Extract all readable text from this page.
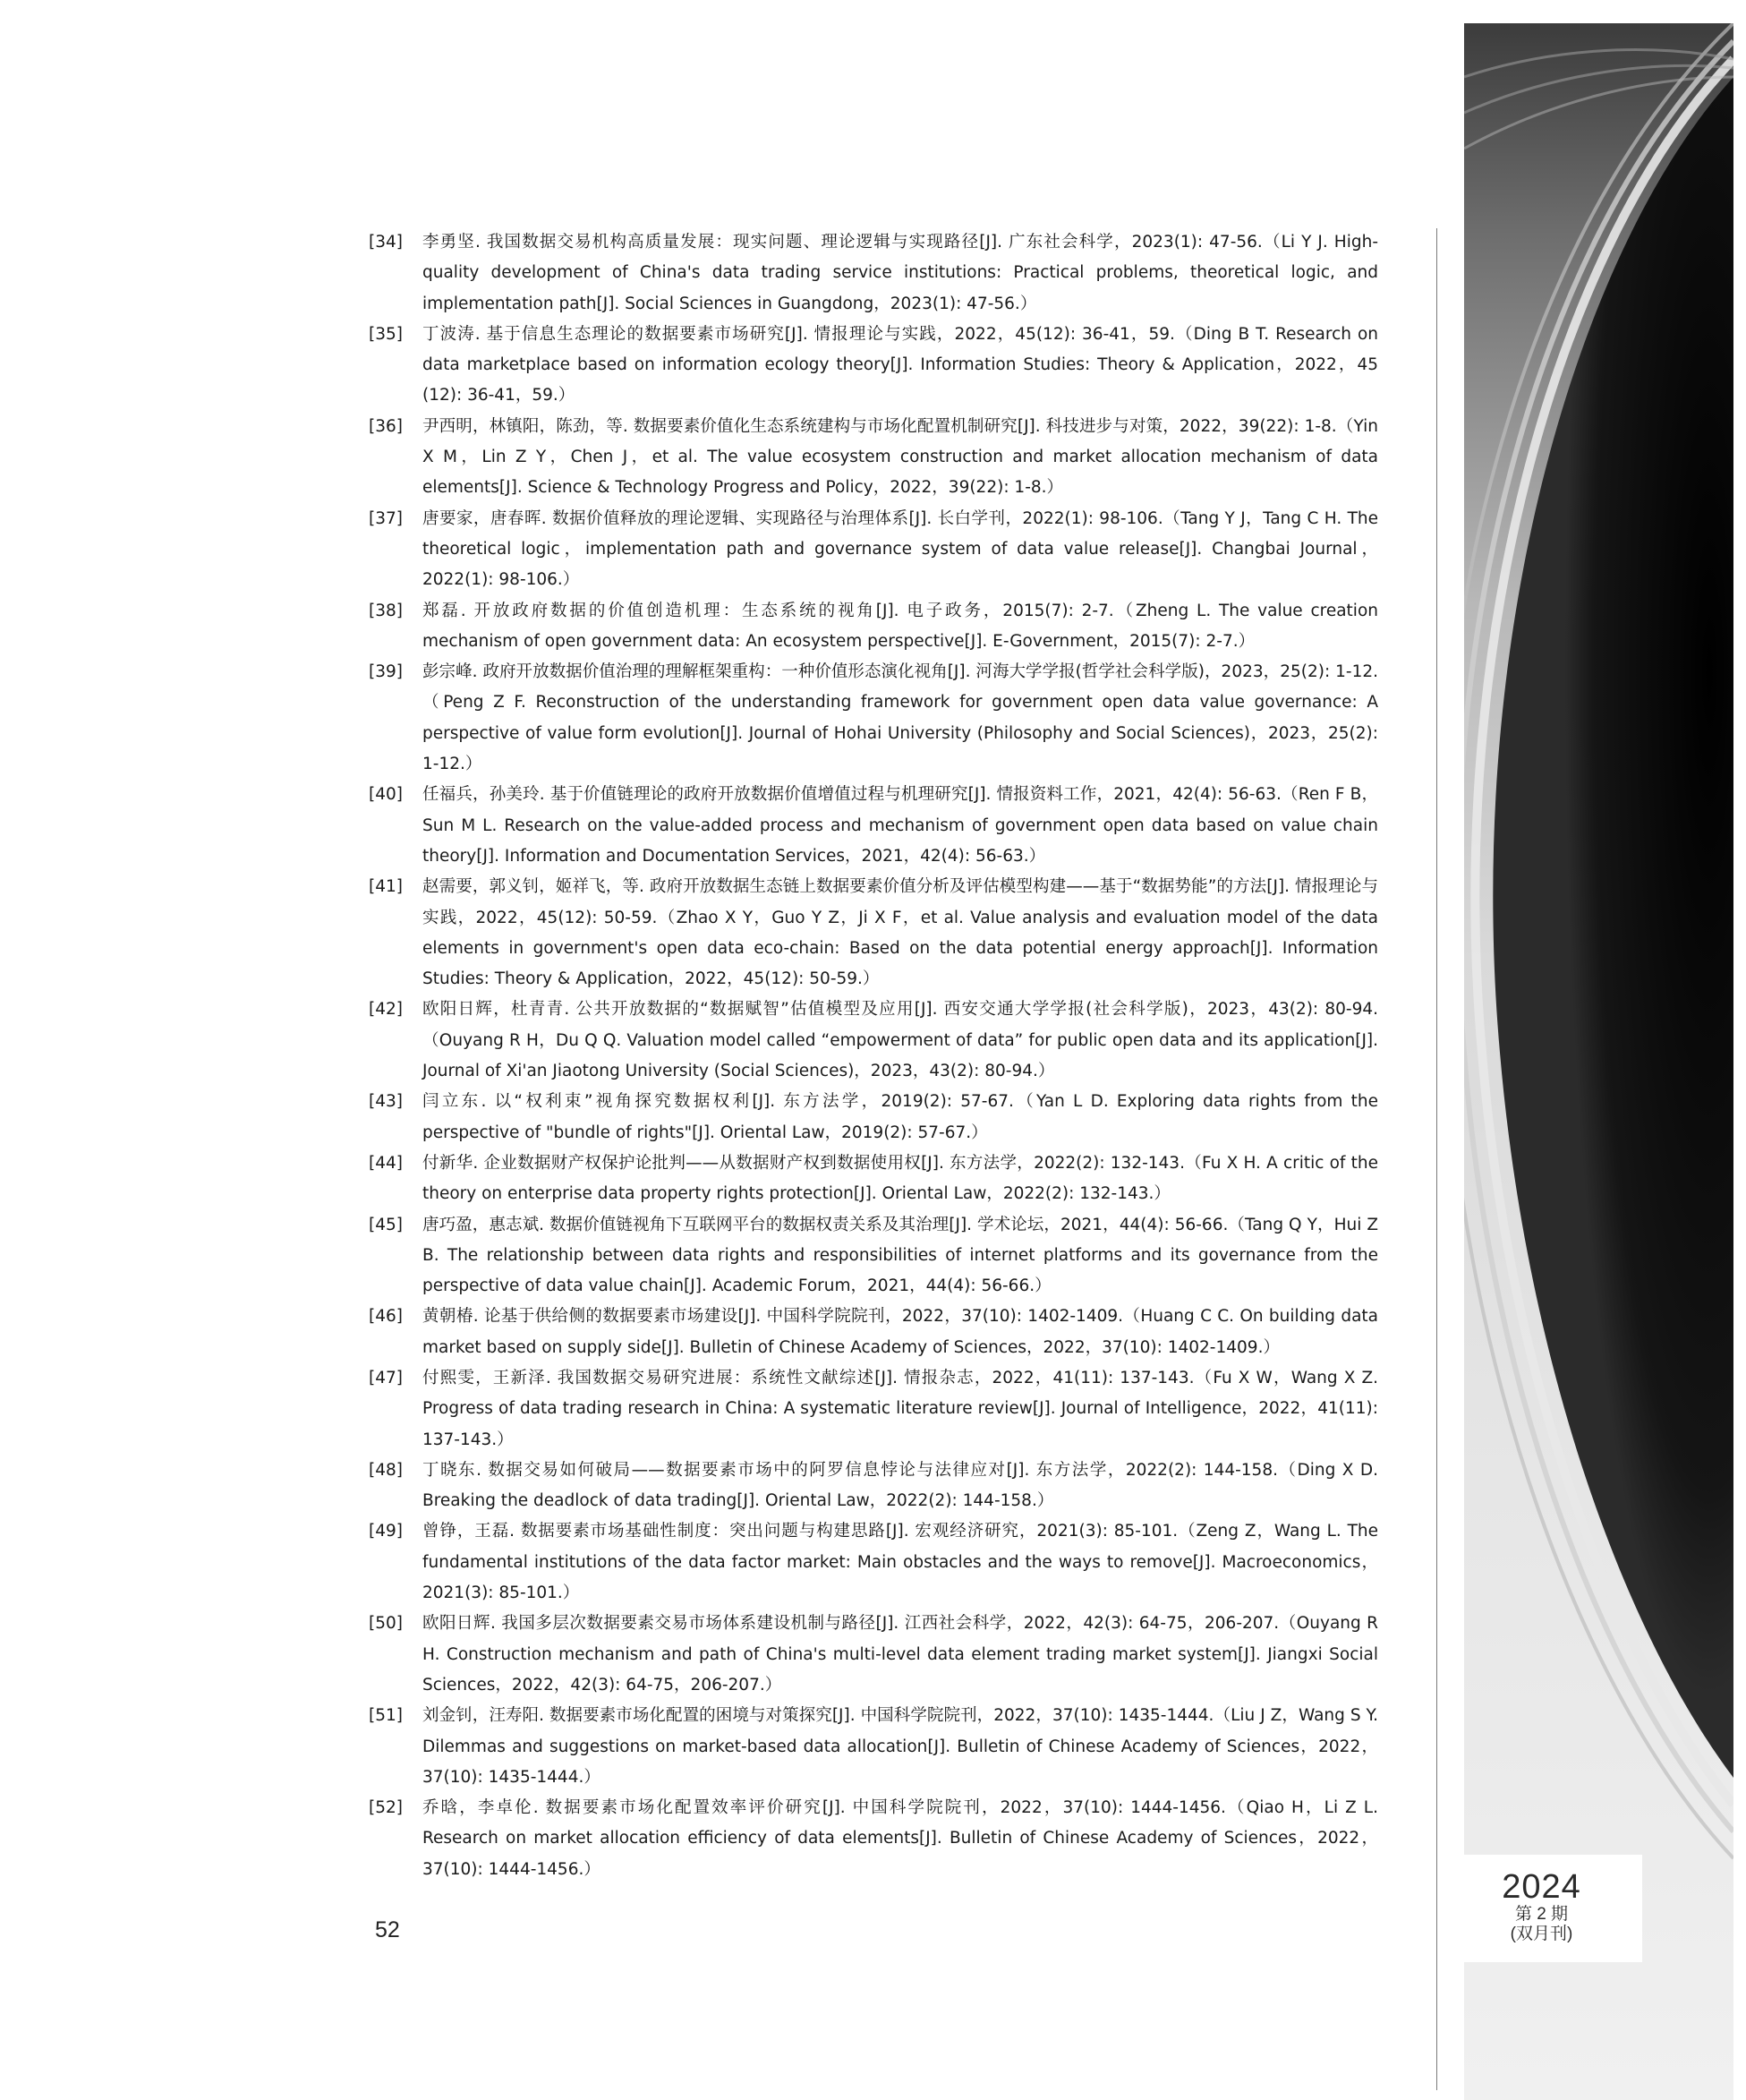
[34] 李勇坚. 我国数据交易机构高质量发展：现实问题、理论逻辑与实现路径[J]. 广东社会科学，2023(1): 47-56.（Li Y J. High-quality development of China's data trading service institutions: Practical problems, theoretical logic, and implementation path[J]. Social Sciences in Guangdong，2023(1): 47-56.）
[35] 丁波涛. 基于信息生态理论的数据要素市场研究[J]. 情报理论与实践，2022，45(12): 36-41，59.（Ding B T. Research on data marketplace based on information ecology theory[J]. Information Studies: Theory & Application，2022，45 (12): 36-41，59.）
[36] 尹西明，林镇阳，陈劲，等. 数据要素价值化生态系统建构与市场化配置机制研究[J]. 科技进步与对策，2022，39(22): 1-8.（Yin X M，Lin Z Y，Chen J，et al. The value ecosystem construction and market allocation mechanism of data elements[J]. Science & Technology Progress and Policy，2022，39(22): 1-8.）
[37] 唐要家，唐春晖. 数据价值释放的理论逻辑、实现路径与治理体系[J]. 长白学刊，2022(1): 98-106.（Tang Y J，Tang C H. The theoretical logic，implementation path and governance system of data value release[J]. Changbai Journal，2022(1): 98-106.）
[38] 郑磊. 开放政府数据的价值创造机理：生态系统的视角[J]. 电子政务，2015(7): 2-7.（Zheng L. The value creation mechanism of open government data: An ecosystem perspective[J]. E-Government，2015(7): 2-7.）
[39] 彭宗峰. 政府开放数据价值治理的理解框架重构：一种价值形态演化视角[J]. 河海大学学报(哲学社会科学版)，2023，25(2): 1-12.（Peng Z F. Reconstruction of the understanding framework for government open data value governance: A perspective of value form evolution[J]. Journal of Hohai University (Philosophy and Social Sciences)，2023，25(2): 1-12.）
[40] 任福兵，孙美玲. 基于价值链理论的政府开放数据价值增值过程与机理研究[J]. 情报资料工作，2021，42(4): 56-63.（Ren F B，Sun M L. Research on the value-added process and mechanism of government open data based on value chain theory[J]. Information and Documentation Services，2021，42(4): 56-63.）
[41] 赵需要，郭义钊，姬祥飞，等. 政府开放数据生态链上数据要素价值分析及评估模型构建——基于“数据势能”的方法[J]. 情报理论与实践，2022，45(12): 50-59.（Zhao X Y，Guo Y Z，Ji X F，et al. Value analysis and evaluation model of the data elements in government's open data eco-chain: Based on the data potential energy approach[J]. Information Studies: Theory & Application，2022，45(12): 50-59.）
[42] 欧阳日辉，杜青青. 公共开放数据的“数据赋智”估值模型及应用[J]. 西安交通大学学报(社会科学版)，2023，43(2): 80-94.（Ouyang R H，Du Q Q. Valuation model called “empowerment of data” for public open data and its application[J]. Journal of Xi'an Jiaotong University (Social Sciences)，2023，43(2): 80-94.）
[43] 闫立东. 以“权利束”视角探究数据权利[J]. 东方法学，2019(2): 57-67.（Yan L D. Exploring data rights from the perspective of "bundle of rights"[J]. Oriental Law，2019(2): 57-67.）
[44] 付新华. 企业数据财产权保护论批判——从数据财产权到数据使用权[J]. 东方法学，2022(2): 132-143.（Fu X H. A critic of the theory on enterprise data property rights protection[J]. Oriental Law，2022(2): 132-143.）
[45] 唐巧盈，惠志斌. 数据价值链视角下互联网平台的数据权责关系及其治理[J]. 学术论坛，2021，44(4): 56-66.（Tang Q Y，Hui Z B. The relationship between data rights and responsibilities of internet platforms and its governance from the perspective of data value chain[J]. Academic Forum，2021，44(4): 56-66.）
[46] 黄朝椿. 论基于供给侧的数据要素市场建设[J]. 中国科学院院刊，2022，37(10): 1402-1409.（Huang C C. On building data market based on supply side[J]. Bulletin of Chinese Academy of Sciences，2022，37(10): 1402-1409.）
[47] 付熙雯，王新泽. 我国数据交易研究进展：系统性文献综述[J]. 情报杂志，2022，41(11): 137-143.（Fu X W，Wang X Z. Progress of data trading research in China: A systematic literature review[J]. Journal of Intelligence，2022，41(11): 137-143.）
[48] 丁晓东. 数据交易如何破局——数据要素市场中的阿罗信息悖论与法律应对[J]. 东方法学，2022(2): 144-158.（Ding X D. Breaking the deadlock of data trading[J]. Oriental Law，2022(2): 144-158.）
[49] 曾铮，王磊. 数据要素市场基础性制度：突出问题与构建思路[J]. 宏观经济研究，2021(3): 85-101.（Zeng Z，Wang L. The fundamental institutions of the data factor market: Main obstacles and the ways to remove[J]. Macroeconomics，2021(3): 85-101.）
[50] 欧阳日辉. 我国多层次数据要素交易市场体系建设机制与路径[J]. 江西社会科学，2022，42(3): 64-75，206-207.（Ouyang R H. Construction mechanism and path of China's multi-level data element trading market system[J]. Jiangxi Social Sciences，2022，42(3): 64-75，206-207.）
[51] 刘金钊，汪寿阳. 数据要素市场化配置的困境与对策探究[J]. 中国科学院院刊，2022，37(10): 1435-1444.（Liu J Z，Wang S Y. Dilemmas and suggestions on market-based data allocation[J]. Bulletin of Chinese Academy of Sciences，2022，37(10): 1435-1444.）
[52] 乔晗，李卓伦. 数据要素市场化配置效率评价研究[J]. 中国科学院院刊，2022，37(10): 1444-1456.（Qiao H，Li Z L. Research on market allocation efficiency of data elements[J]. Bulletin of Chinese Academy of Sciences，2022，37(10): 1444-1456.）
52
2024
第 2 期
(双月刊)
